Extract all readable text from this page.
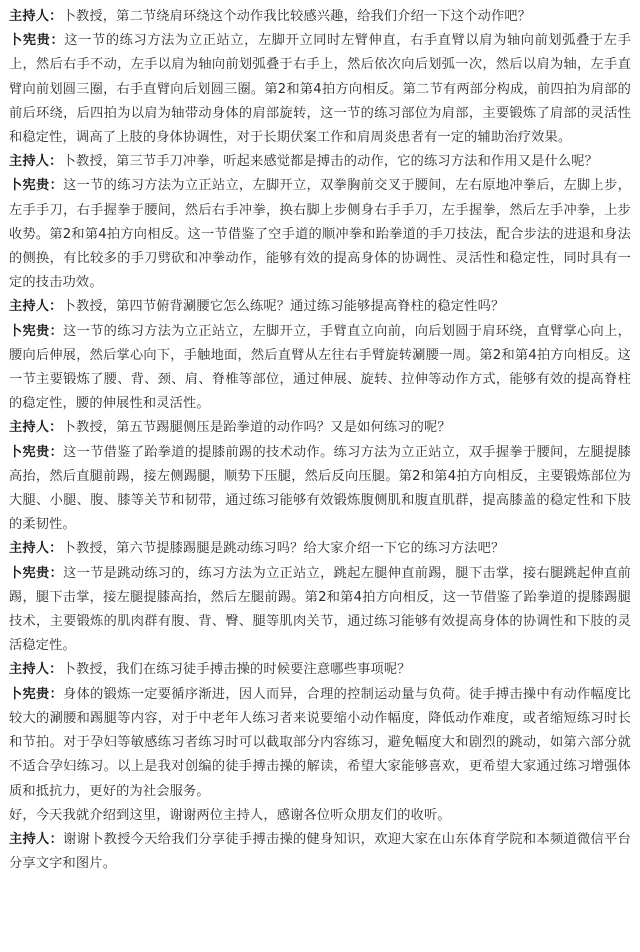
主持人：卜教授，第二节绕肩环绕这个动作我比较感兴趣，给我们介绍一下这个动作吧？

卜宪贵：这一节的练习方法为立正站立，左脚开立同时左臂伸直，右手直臂以肩为轴向前划弧叠于左手上，然后右手不动，左手以肩为轴向前划弧叠于右手上，然后依次向后划弧一次，然后以肩为轴，左手直臂向前划圆三圈，右手直臂向后划圆三圈。第2和第4拍方向相反。第二节有两部分构成，前四拍为肩部的前后环绕，后四拍为以肩为轴带动身体的肩部旋转，这一节的练习部位为肩部，主要锻炼了肩部的灵活性和稳定性，调高了上肢的身体协调性，对于长期伏案工作和肩周炎患者有一定的辅助治疗效果。

主持人：卜教授，第三节手刀冲拳，听起来感觉都是搏击的动作，它的练习方法和作用又是什么呢？

卜宪贵：这一节的练习方法为立正站立，左脚开立，双拳胸前交叉于腰间，左右原地冲拳后，左脚上步，左手手刀，右手握拳于腰间，然后右手冲拳，换右脚上步侧身右手手刀，左手握拳，然后左手冲拳，上步收势。第2和第4拍方向相反。这一节借鉴了空手道的顺冲拳和跆拳道的手刀技法，配合步法的进退和身法的侧换，有比较多的手刀劈砍和冲拳动作，能够有效的提高身体的协调性、灵活性和稳定性，同时具有一定的技击功效。

主持人：卜教授，第四节俯背涮腰它怎么练呢？通过练习能够提高脊柱的稳定性吗？

卜宪贵：这一节的练习方法为立正站立，左脚开立，手臂直立向前，向后划圆于肩环绕，直臂掌心向上，腰向后伸展，然后掌心向下，手触地面，然后直臂从左往右手臂旋转涮腰一周。第2和第4拍方向相反。这一节主要锻炼了腰、背、颈、肩、脊椎等部位，通过伸展、旋转、拉伸等动作方式，能够有效的提高脊柱的稳定性，腰的伸展性和灵活性。

主持人：卜教授，第五节踢腿侧压是跆拳道的动作吗？又是如何练习的呢？

卜宪贵：这一节借鉴了跆拳道的提膝前踢的技术动作。练习方法为立正站立，双手握拳于腰间，左腿提膝高抬，然后直腿前踢，接左侧踢腿，顺势下压腿，然后反向压腿。第2和第4拍方向相反，主要锻炼部位为大腿、小腿、腹、膝等关节和韧带，通过练习能够有效锻炼腹侧肌和腹直肌群，提高膝盖的稳定性和下肢的柔韧性。

主持人：卜教授，第六节提膝踢腿是跳动练习吗？给大家介绍一下它的练习方法吧？

卜宪贵：这一节是跳动练习的，练习方法为立正站立，跳起左腿伸直前踢，腿下击掌，接右腿跳起伸直前踢，腿下击掌，接左腿提膝高抬，然后左腿前踢。第2和第4拍方向相反，这一节借鉴了跆拳道的提膝踢腿技术，主要锻炼的肌肉群有腹、背、臀、腿等肌肉关节，通过练习能够有效提高身体的协调性和下肢的灵活稳定性。

主持人：卜教授，我们在练习徒手搏击操的时候要注意哪些事项呢？

卜宪贵：身体的锻炼一定要循序渐进，因人而异，合理的控制运动量与负荷。徒手搏击操中有动作幅度比较大的涮腰和踢腿等内容，对于中老年人练习者来说要缩小动作幅度，降低动作难度，或者缩短练习时长和节拍。对于孕妇等敏感练习者练习时可以截取部分内容练习，避免幅度大和剧烈的跳动，如第六部分就不适合孕妇练习。以上是我对创编的徒手搏击操的解读，希望大家能够喜欢，更希望大家通过练习增强体质和抵抗力，更好的为社会服务。

好，今天我就介绍到这里，谢谢两位主持人，感谢各位听众朋友们的收听。

主持人：谢谢卜教授今天给我们分享徒手搏击操的健身知识，欢迎大家在山东体育学院和本频道微信平台分享文字和图片。
